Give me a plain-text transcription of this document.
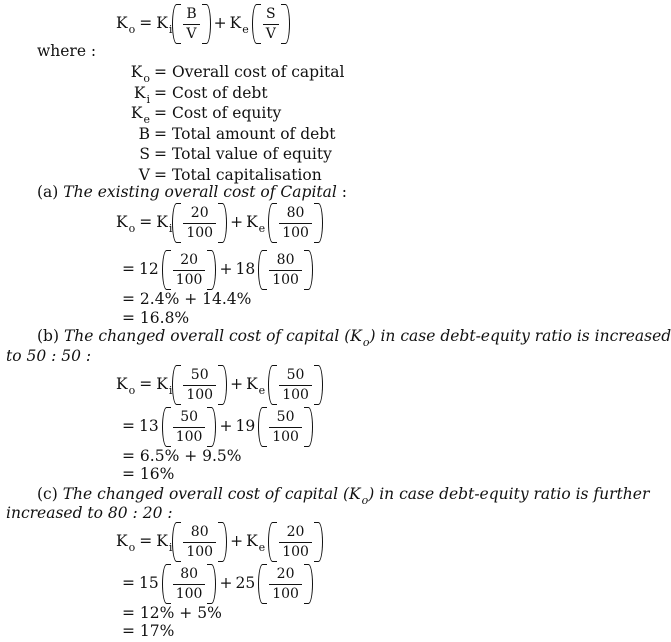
$K_o = K_i \frac{B}{V} + K_e \frac{S}{V}$
where :
$K_o$ = Overall cost of capital
$K_i$ = Cost of debt
$K_e$ = Cost of equity
B = Total amount of debt
S = Total value of equity
V = Total capitalisation
(a) The existing overall cost of Capital :
$K_o = K_i \frac{20}{100} + K_e \frac{80}{100}$
= $12 \frac{20}{100} + 18 \frac{80}{100}$
= 2.4% + 14.4%
= 16.8%
(b) The changed overall cost of capital $(K_o)$ in case debt-equity ratio is increased
to 50 : 50 :
$K_o = K_i \frac{50}{100} + K_e \frac{50}{100}$
= $13 \frac{50}{100} + 19 \frac{50}{100}$
= 6.5% + 9.5%
= 16%
(c) The changed overall cost of capital $(K_o)$ in case debt-equity ratio is further
increased to 80 : 20 :
$K_o = K_i \frac{80}{100} + K_e \frac{20}{100}$
= $15 \frac{80}{100} + 25 \frac{20}{100}$
= 12% + 5%
= 17%
